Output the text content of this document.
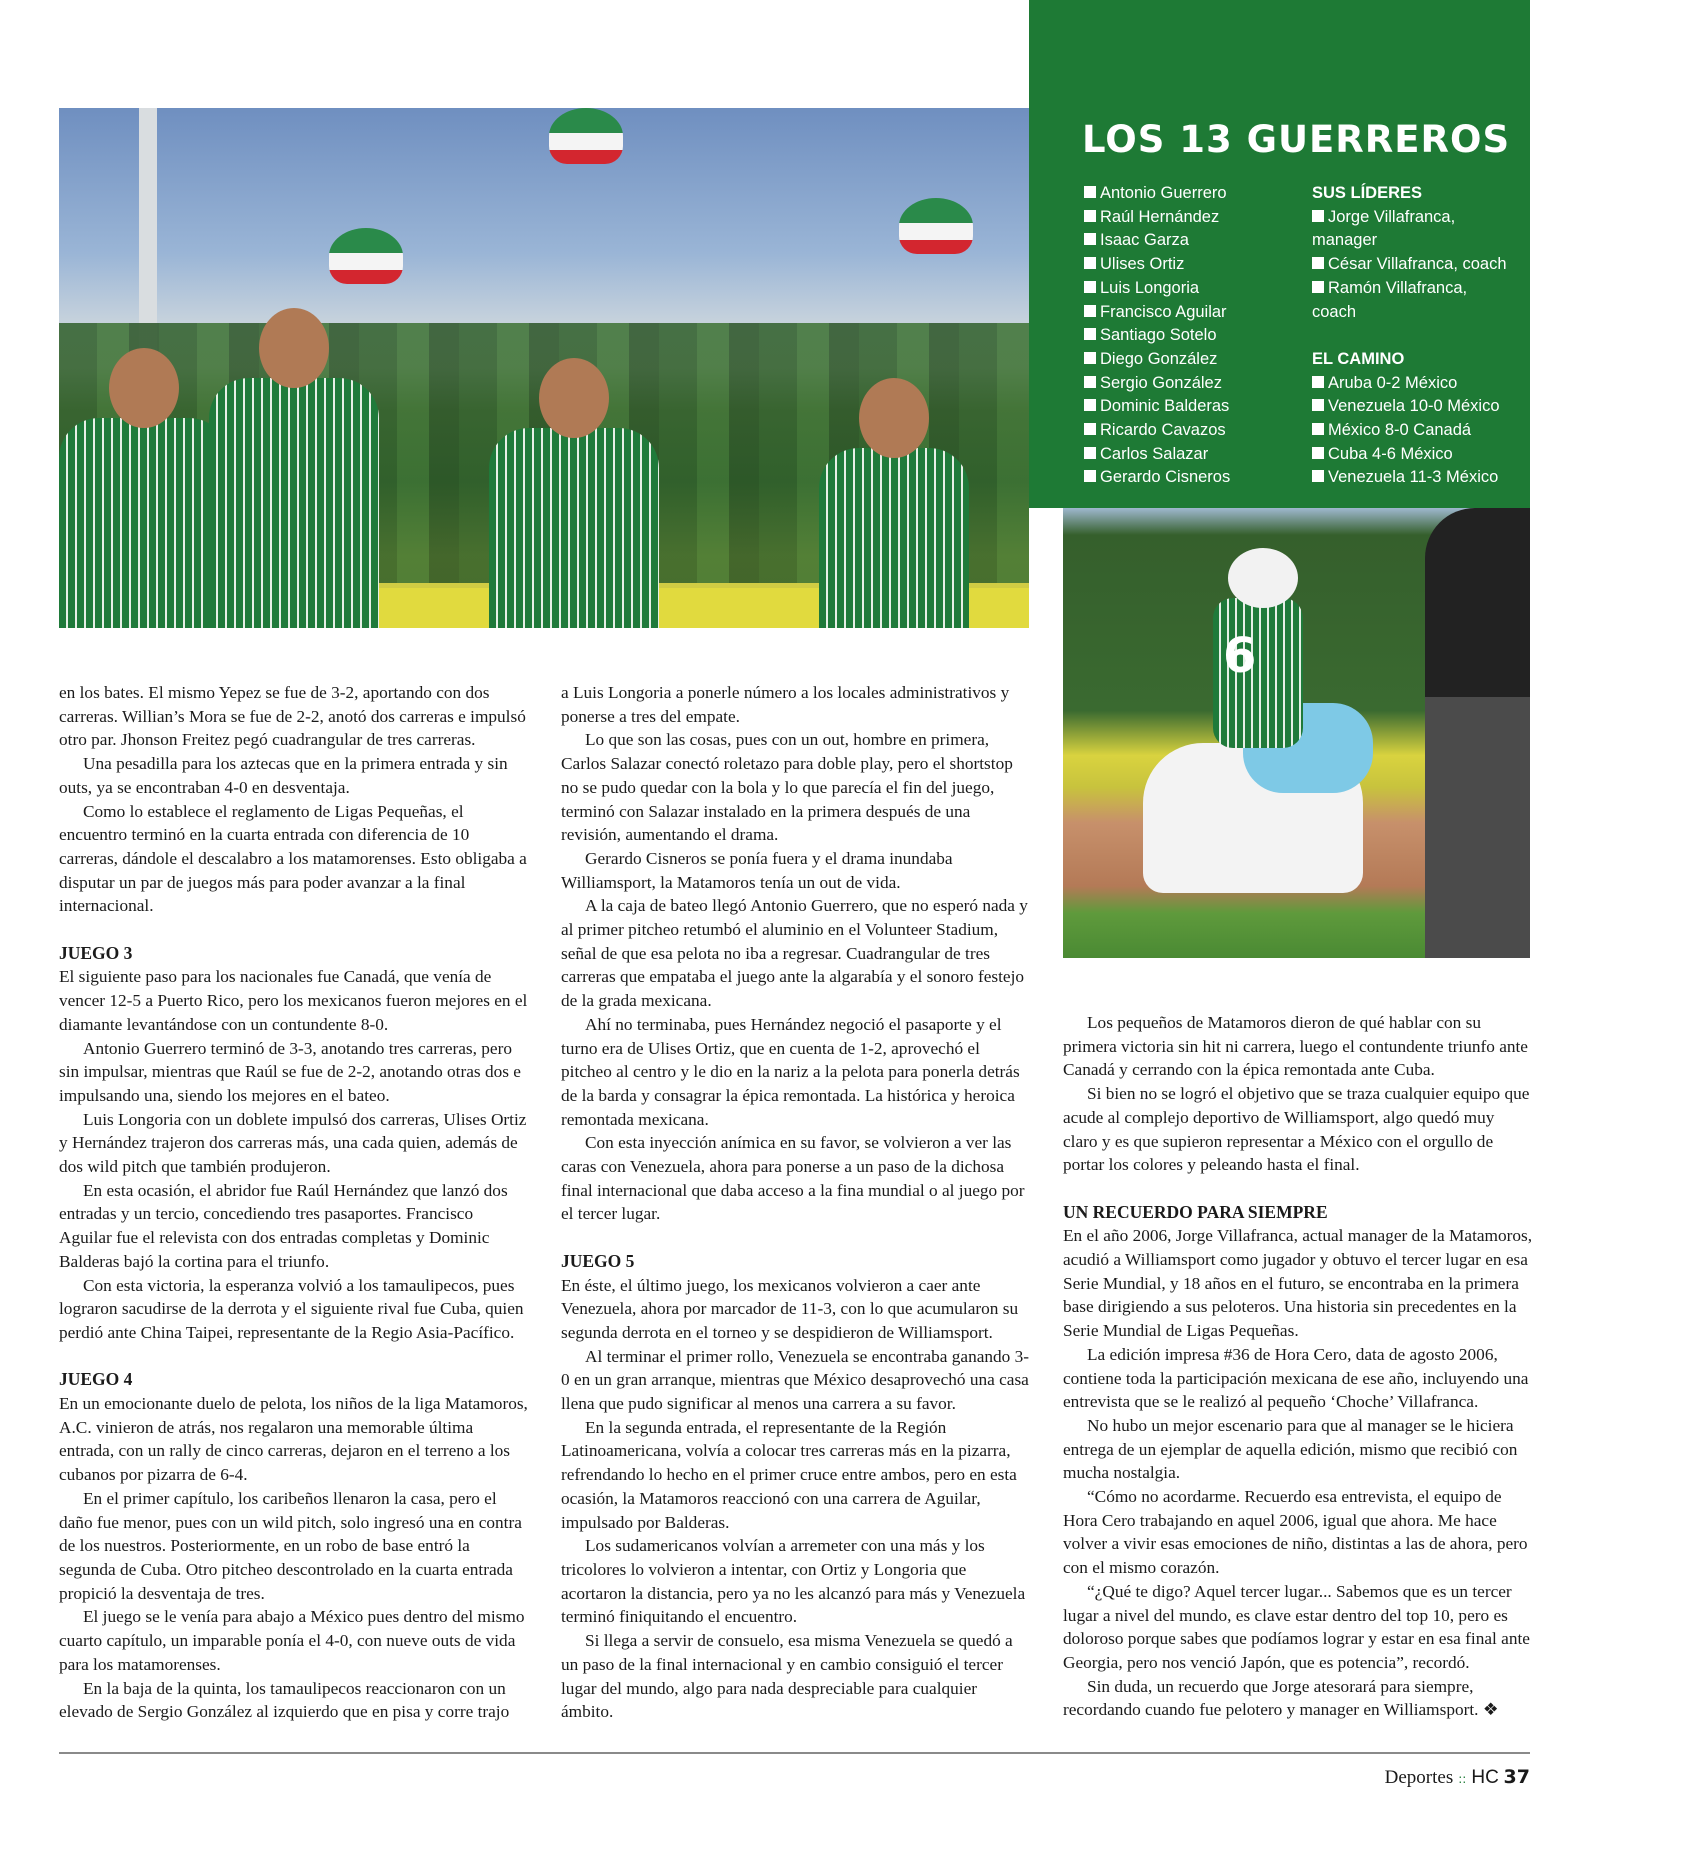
LOS 13 GUERREROS
Antonio Guerrero
Raúl Hernández
Isaac Garza
Ulises Ortiz
Luis Longoria
Francisco Aguilar
Santiago Sotelo
Diego González
Sergio González
Dominic Balderas
Ricardo Cavazos
Carlos Salazar
Gerardo Cisneros
SUS LÍDERES
Jorge Villafranca,
manager
César Villafranca, coach
Ramón Villafranca,
coach
EL CAMINO
Aruba 0-2 México
Venezuela 10-0 México
México 8-0 Canadá
Cuba 4-6 México
Venezuela 11-3 México
6

en los bates. El mismo Yepez se fue de 3-2, aportando con dos carreras. Willian’s Mora se fue de 2-2, anotó dos carreras e impulsó otro par. Jhonson Freitez pegó cuadrangular de tres carreras.

Una pesadilla para los aztecas que en la primera entrada y sin outs, ya se encontraban 4-0 en desventaja.

Como lo establece el reglamento de Ligas Pequeñas, el encuentro terminó en la cuarta entrada con diferencia de 10 carreras, dándole el descalabro a los matamorenses. Esto obligaba a disputar un par de juegos más para poder avanzar a la final internacional.

JUEGO 3

El siguiente paso para los nacionales fue Canadá, que venía de vencer 12-5 a Puerto Rico, pero los mexicanos fueron mejores en el diamante levantándose con un contundente 8-0.

Antonio Guerrero terminó de 3-3, anotando tres carreras, pero sin impulsar, mientras que Raúl se fue de 2-2, anotando otras dos e impulsando una, siendo los mejores en el bateo.

Luis Longoria con un doblete impulsó dos carreras, Ulises Ortiz y Hernández trajeron dos carreras más, una cada quien, además de dos wild pitch que también produjeron.

En esta ocasión, el abridor fue Raúl Hernández que lanzó dos entradas y un tercio, concediendo tres pasaportes. Francisco Aguilar fue el relevista con dos entradas completas y Dominic Balderas bajó la cortina para el triunfo.

Con esta victoria, la esperanza volvió a los tamaulipecos, pues lograron sacudirse de la derrota y el siguiente rival fue Cuba, quien perdió ante China Taipei, representante de la Regio Asia-Pacífico.

JUEGO 4

En un emocionante duelo de pelota, los niños de la liga Matamoros, A.C. vinieron de atrás, nos regalaron una memorable última entrada, con un rally de cinco carreras, dejaron en el terreno a los cubanos por pizarra de 6-4.

En el primer capítulo, los caribeños llenaron la casa, pero el daño fue menor, pues con un wild pitch, solo ingresó una en contra de los nuestros. Posteriormente, en un robo de base entró la segunda de Cuba. Otro pitcheo descontrolado en la cuarta entrada propició la desventaja de tres.

El juego se le venía para abajo a México pues dentro del mismo cuarto capítulo, un imparable ponía el 4-0, con nueve outs de vida para los matamorenses.

En la baja de la quinta, los tamaulipecos reaccionaron con un elevado de Sergio González al izquierdo que en pisa y corre trajo

a Luis Longoria a ponerle número a los locales administrativos y ponerse a tres del empate.

Lo que son las cosas, pues con un out, hombre en primera, Carlos Salazar conectó roletazo para doble play, pero el shortstop no se pudo quedar con la bola y lo que parecía el fin del juego, terminó con Salazar instalado en la primera después de una revisión, aumentando el drama.

Gerardo Cisneros se ponía fuera y el drama inundaba Williamsport, la Matamoros tenía un out de vida.

A la caja de bateo llegó Antonio Guerrero, que no esperó nada y al primer pitcheo retumbó el aluminio en el Volunteer Stadium, señal de que esa pelota no iba a regresar. Cuadrangular de tres carreras que empataba el juego ante la algarabía y el sonoro festejo de la grada mexicana.

Ahí no terminaba, pues Hernández negoció el pasaporte y el turno era de Ulises Ortiz, que en cuenta de 1-2, aprovechó el pitcheo al centro y le dio en la nariz a la pelota para ponerla detrás de la barda y consagrar la épica remontada. La histórica y heroica remontada mexicana.

Con esta inyección anímica en su favor, se volvieron a ver las caras con Venezuela, ahora para ponerse a un paso de la dichosa final internacional que daba acceso a la fina mundial o al juego por el tercer lugar.

JUEGO 5

En éste, el último juego, los mexicanos volvieron a caer ante Venezuela, ahora por marcador de 11-3, con lo que acumularon su segunda derrota en el torneo y se despidieron de Williamsport.

Al terminar el primer rollo, Venezuela se encontraba ganando 3-0 en un gran arranque, mientras que México desaprovechó una casa llena que pudo significar al menos una carrera a su favor.

En la segunda entrada, el representante de la Región Latinoamericana, volvía a colocar tres carreras más en la pizarra, refrendando lo hecho en el primer cruce entre ambos, pero en esta ocasión, la Matamoros reaccionó con una carrera de Aguilar, impulsado por Balderas.

Los sudamericanos volvían a arremeter con una más y los tricolores lo volvieron a intentar, con Ortiz y Longoria que acortaron la distancia, pero ya no les alcanzó para más y Venezuela terminó finiquitando el encuentro.

Si llega a servir de consuelo, esa misma Venezuela se quedó a un paso de la final internacional y en cambio consiguió el tercer lugar del mundo, algo para nada despreciable para cualquier ámbito.

Los pequeños de Matamoros dieron de qué hablar con su primera victoria sin hit ni carrera, luego el contundente triunfo ante Canadá y cerrando con la épica remontada ante Cuba.

Si bien no se logró el objetivo que se traza cualquier equipo que acude al complejo deportivo de Williamsport, algo quedó muy claro y es que supieron representar a México con el orgullo de portar los colores y peleando hasta el final.

UN RECUERDO PARA SIEMPRE

En el año 2006, Jorge Villafranca, actual manager de la Matamoros, acudió a Williamsport como jugador y obtuvo el tercer lugar en esa Serie Mundial, y 18 años en el futuro, se encontraba en la primera base dirigiendo a sus peloteros. Una historia sin precedentes en la Serie Mundial de Ligas Pequeñas.

La edición impresa #36 de Hora Cero, data de agosto 2006, contiene toda la participación mexicana de ese año, incluyendo una entrevista que se le realizó al pequeño ‘Choche’ Villafranca.

No hubo un mejor escenario para que al manager se le hiciera entrega de un ejemplar de aquella edición, mismo que recibió con mucha nostalgia.

“Cómo no acordarme. Recuerdo esa entrevista, el equipo de Hora Cero trabajando en aquel 2006, igual que ahora. Me hace volver a vivir esas emociones de niño, distintas a las de ahora, pero con el mismo corazón.

“¿Qué te digo? Aquel tercer lugar... Sabemos que es un tercer lugar a nivel del mundo, es clave estar dentro del top 10, pero es doloroso porque sabes que podíamos lograr y estar en esa final ante Georgia, pero nos venció Japón, que es potencia”, recordó.

Sin duda, un recuerdo que Jorge atesorará para siempre, recordando cuando fue pelotero y manager en Williamsport. ❖

Deportes :: HC 37
